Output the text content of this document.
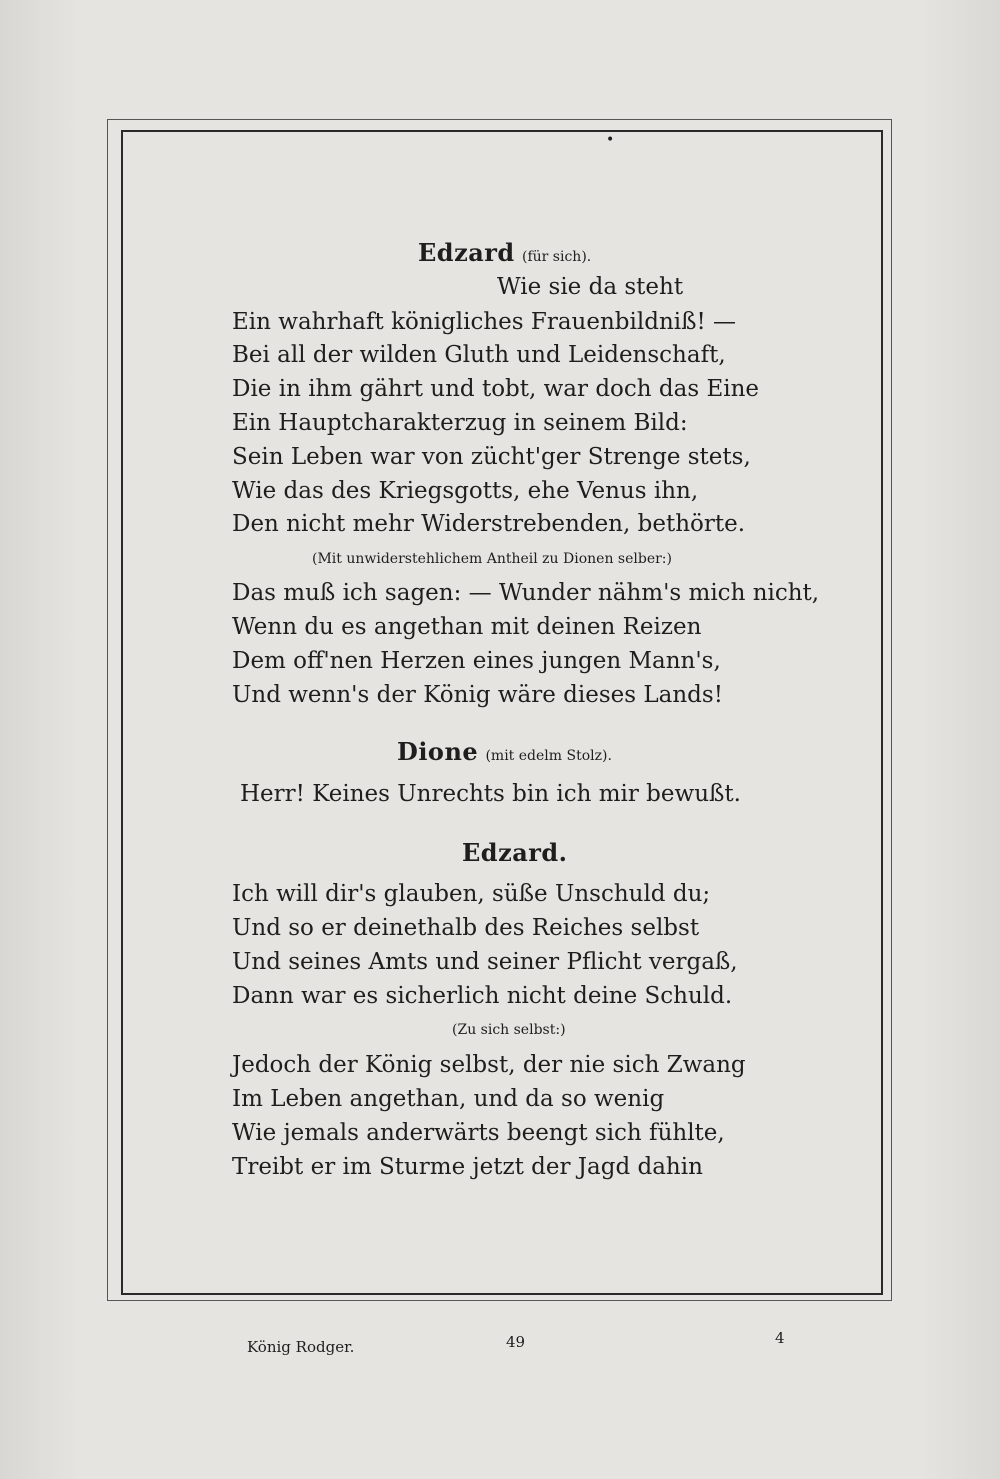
•
Edzard (für sich).
Wie sie da steht
Ein wahrhaft königliches Frauenbildniß! —
Bei all der wilden Gluth und Leidenschaft,
Die in ihm gährt und tobt, war doch das Eine
Ein Hauptcharakterzug in seinem Bild:
Sein Leben war von zücht'ger Strenge stets,
Wie das des Kriegsgotts, ehe Venus ihn,
Den nicht mehr Widerstrebenden, bethörte.
(Mit unwiderstehlichem Antheil zu Dionen selber:)
Das muß ich sagen: — Wunder nähm's mich nicht,
Wenn du es angethan mit deinen Reizen
Dem off'nen Herzen eines jungen Mann's,
Und wenn's der König wäre dieses Lands!
Dione (mit edelm Stolz).
Herr! Keines Unrechts bin ich mir bewußt.
Edzard.
Ich will dir's glauben, süße Unschuld du;
Und so er deinethalb des Reiches selbst
Und seines Amts und seiner Pflicht vergaß,
Dann war es sicherlich nicht deine Schuld.
(Zu sich selbst:)
Jedoch der König selbst, der nie sich Zwang
Im Leben angethan, und da so wenig
Wie jemals anderwärts beengt sich fühlte,
Treibt er im Sturme jetzt der Jagd dahin
König Rodger.	49	4
